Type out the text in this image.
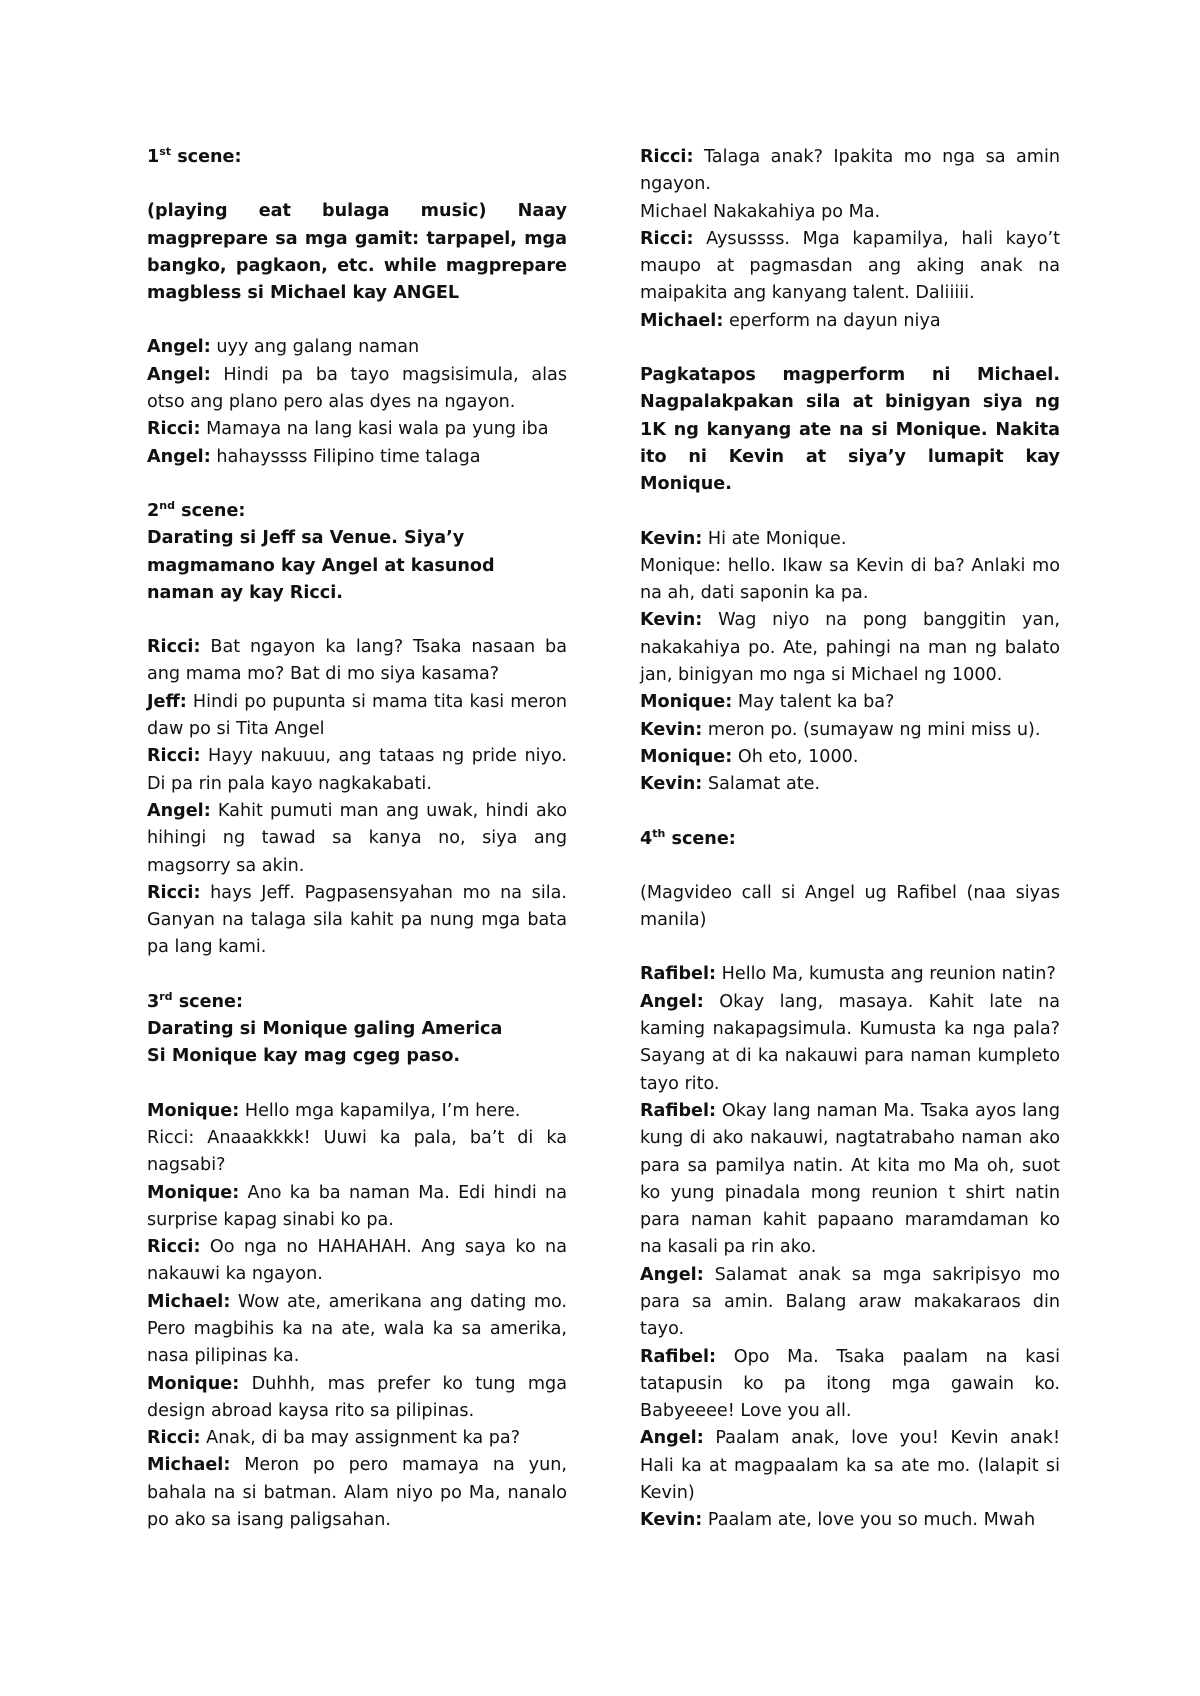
1st scene:
(playing eat bulaga music) Naay magprepare sa mga gamit: tarpapel, mga bangko, pagkaon, etc. while magprepare magbless si Michael kay ANGEL
Angel: uyy ang galang naman
Angel: Hindi pa ba tayo magsisimula, alas otso ang plano pero alas dyes na ngayon.
Ricci: Mamaya na lang kasi wala pa yung iba
Angel: hahayssss Filipino time talaga
2nd scene:
Darating si Jeff sa Venue. Siya’y magmamano kay Angel at kasunod naman ay kay Ricci.
Ricci: Bat ngayon ka lang? Tsaka nasaan ba ang mama mo? Bat di mo siya kasama?
Jeff: Hindi po pupunta si mama tita kasi meron daw po si Tita Angel
Ricci: Hayy nakuuu, ang tataas ng pride niyo. Di pa rin pala kayo nagkakabati.
Angel: Kahit pumuti man ang uwak, hindi ako hihingi ng tawad sa kanya no, siya ang magsorry sa akin.
Ricci: hays Jeff. Pagpasensyahan mo na sila. Ganyan na talaga sila kahit pa nung mga bata pa lang kami.
3rd scene:
Darating si Monique galing America
Si Monique kay mag cgeg paso.
Monique: Hello mga kapamilya, I’m here.
Ricci: Anaaakkkk! Uuwi ka pala, ba’t di ka nagsabi?
Monique: Ano ka ba naman Ma. Edi hindi na surprise kapag sinabi ko pa.
Ricci: Oo nga no HAHAHAH. Ang saya ko na nakauwi ka ngayon.
Michael: Wow ate, amerikana ang dating mo. Pero magbihis ka na ate, wala ka sa amerika, nasa pilipinas ka.
Monique: Duhhh, mas prefer ko tung mga design abroad kaysa rito sa pilipinas.
Ricci: Anak, di ba may assignment ka pa?
Michael: Meron po pero mamaya na yun, bahala na si batman. Alam niyo po Ma, nanalo po ako sa isang paligsahan.
Ricci: Talaga anak? Ipakita mo nga sa amin ngayon.
Michael Nakakahiya po Ma.
Ricci: Aysussss. Mga kapamilya, hali kayo’t maupo at pagmasdan ang aking anak na maipakita ang kanyang talent. Daliiiii.
Michael: eperform na dayun niya
Pagkatapos magperform ni Michael. Nagpalakpakan sila at binigyan siya ng 1K ng kanyang ate na si Monique. Nakita ito ni Kevin at siya’y lumapit kay Monique.
Kevin: Hi ate Monique.
Monique: hello. Ikaw sa Kevin di ba? Anlaki mo na ah, dati saponin ka pa.
Kevin: Wag niyo na pong banggitin yan, nakakahiya po. Ate, pahingi na man ng balato jan, binigyan mo nga si Michael ng 1000.
Monique: May talent ka ba?
Kevin: meron po. (sumayaw ng mini miss u).
Monique: Oh eto, 1000.
Kevin: Salamat ate.
4th scene:
(Magvideo call si Angel ug Rafibel (naa siyas manila)
Rafibel: Hello Ma, kumusta ang reunion natin?
Angel: Okay lang, masaya. Kahit late na kaming nakapagsimula. Kumusta ka nga pala? Sayang at di ka nakauwi para naman kumpleto tayo rito.
Rafibel: Okay lang naman Ma. Tsaka ayos lang kung di ako nakauwi, nagtatrabaho naman ako para sa pamilya natin. At kita mo Ma oh, suot ko yung pinadala mong reunion t shirt natin para naman kahit papaano maramdaman ko na kasali pa rin ako.
Angel: Salamat anak sa mga sakripisyo mo para sa amin. Balang araw makakaraos din tayo.
Rafibel: Opo Ma. Tsaka paalam na kasi tatapusin ko pa itong mga gawain ko. Babyeeee! Love you all.
Angel: Paalam anak, love you! Kevin anak! Hali ka at magpaalam ka sa ate mo. (lalapit si Kevin)
Kevin: Paalam ate, love you so much. Mwah
